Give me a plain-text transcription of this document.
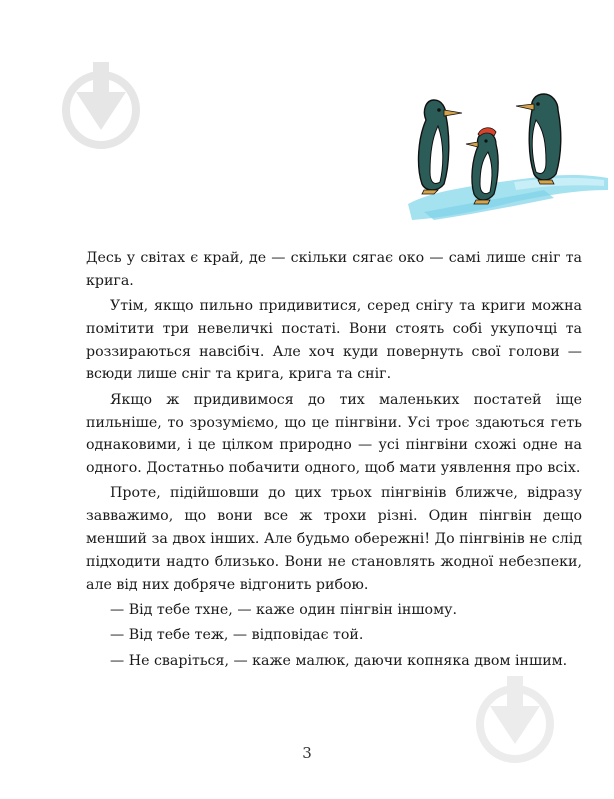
Десь у світах є край, де — скільки сягає око — самі лише сніг та крига.

Утім, якщо пильно придивитися, серед снігу та криги можна помітити три невеличкі постаті. Вони стоять собі укупочці та роззираються навсібіч. Але хоч куди повернуть свої голови — всюди лише сніг та крига, крига та сніг.

Якщо ж придивимося до тих маленьких постатей іще пильніше, то зрозуміємо, що це пінгвіни. Усі троє здаються геть однаковими, і це цілком природно — усі пінгвіни схожі одне на одного. Достатньо побачити одного, щоб мати уявлення про всіх.

Проте, підійшовши до цих трьох пінгвінів ближче, відразу завважимо, що вони все ж трохи різні. Один пінгвін дещо менший за двох інших. Але будьмо обережні! До пінгвінів не слід підходити надто близько. Вони не становлять жодної небезпеки, але від них добряче відгонить рибою.

— Від тебе тхне, — каже один пінгвін іншому.

— Від тебе теж, — відповідає той.

— Не сваріться, — каже малюк, даючи копняка двом іншим.

3
